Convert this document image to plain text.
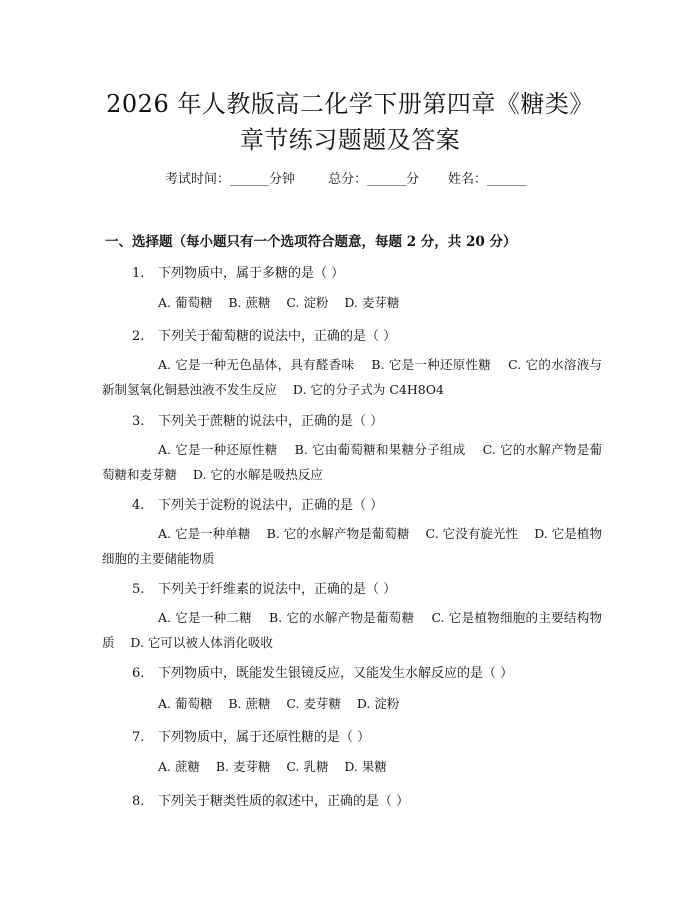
2026 年人教版高二化学下册第四章《糖类》
章节练习题题及答案
考试时间：______分钟	总分：______分 姓名：______
一、选择题（每小题只有一个选项符合题意，每题 2 分，共 20 分）
1. 下列物质中，属于多糖的是（ ）
A. 葡萄糖    B. 蔗糖    C. 淀粉    D. 麦芽糖
2. 下列关于葡萄糖的说法中，正确的是（ ）
A. 它是一种无色晶体，具有醛香味    B. 它是一种还原性糖    C. 它的水溶液与新制氢氧化铜悬浊液不发生反应    D. 它的分子式为 C4H8O4
3. 下列关于蔗糖的说法中，正确的是（ ）
A. 它是一种还原性糖    B. 它由葡萄糖和果糖分子组成    C. 它的水解产物是葡萄糖和麦芽糖    D. 它的水解是吸热反应
4. 下列关于淀粉的说法中，正确的是（ ）
A. 它是一种单糖    B. 它的水解产物是葡萄糖    C. 它没有旋光性    D. 它是植物细胞的主要储能物质
5. 下列关于纤维素的说法中，正确的是（ ）
A. 它是一种二糖    B. 它的水解产物是葡萄糖    C. 它是植物细胞的主要结构物质    D. 它可以被人体消化吸收
6. 下列物质中，既能发生银镜反应，又能发生水解反应的是（ ）
A. 葡萄糖    B. 蔗糖    C. 麦芽糖    D. 淀粉
7. 下列物质中，属于还原性糖的是（ ）
A. 蔗糖    B. 麦芽糖    C. 乳糖    D. 果糖
8. 下列关于糖类性质的叙述中，正确的是（ ）
